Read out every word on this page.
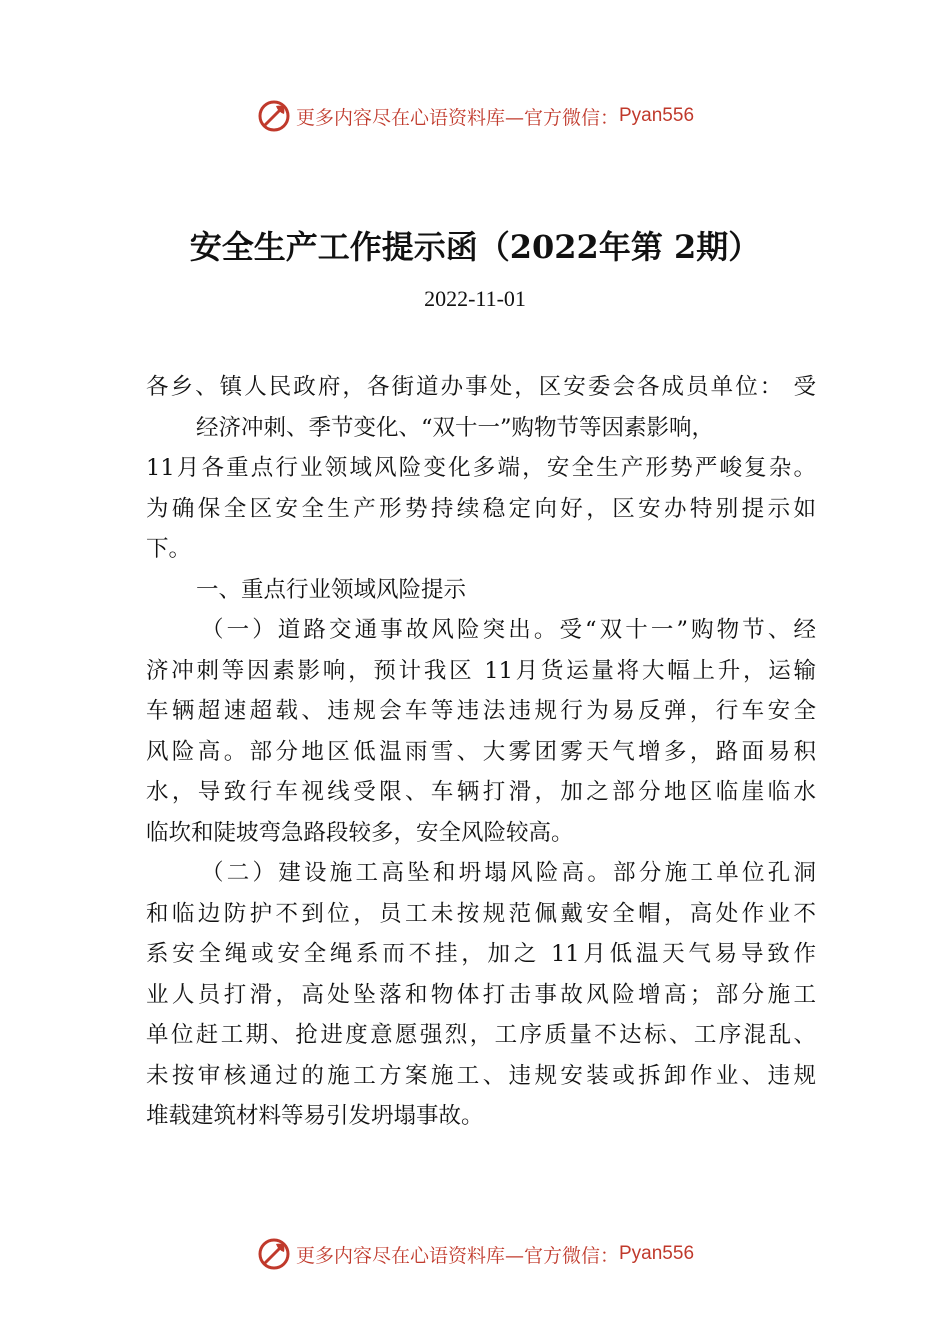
更多内容尽在心语资料库—官方微信： Pyan556
安全生产工作提示函（2022年第 2期）
2022-11-01
各乡、镇人民政府，各街道办事处，区安委会各成员单位： 受
经济冲刺、季节变化、“双十一”购物节等因素影响，
11月各重点行业领域风险变化多端，安全生产形势严峻复杂。
为确保全区安全生产形势持续稳定向好，区安办特别提示如
下。
一、重点行业领域风险提示
（一）道路交通事故风险突出。受“双十一”购物节、经
济冲刺等因素影响，预计我区 11月货运量将大幅上升，运输
车辆超速超载、违规会车等违法违规行为易反弹，行车安全
风险高。部分地区低温雨雪、大雾团雾天气增多，路面易积
水，导致行车视线受限、车辆打滑，加之部分地区临崖临水
临坎和陡坡弯急路段较多，安全风险较高。
（二）建设施工高坠和坍塌风险高。部分施工单位孔洞
和临边防护不到位，员工未按规范佩戴安全帽，高处作业不
系安全绳或安全绳系而不挂，加之 11月低温天气易导致作
业人员打滑，高处坠落和物体打击事故风险增高；部分施工
单位赶工期、抢进度意愿强烈，工序质量不达标、工序混乱、
未按审核通过的施工方案施工、违规安装或拆卸作业、违规
堆载建筑材料等易引发坍塌事故。
更多内容尽在心语资料库—官方微信： Pyan556
